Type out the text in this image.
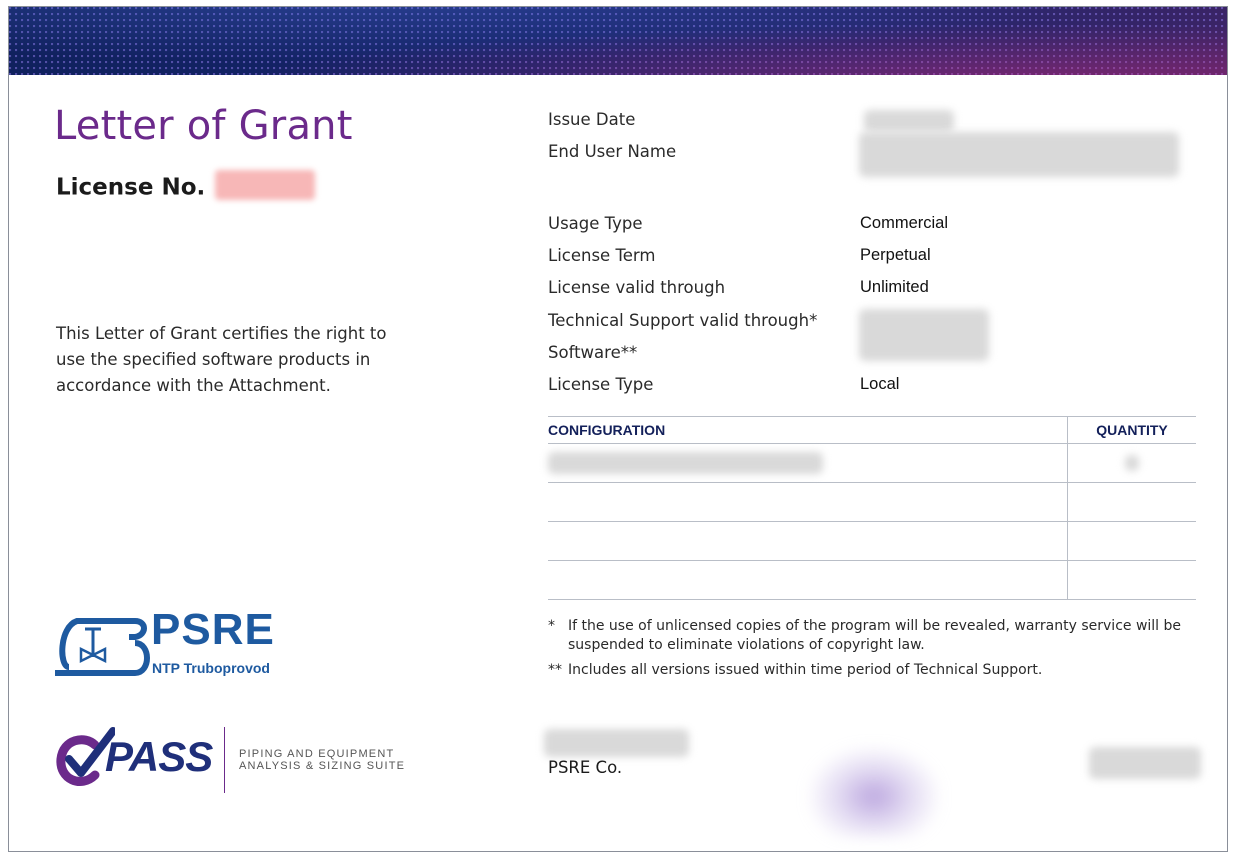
Letter of Grant
License No.
This Letter of Grant certifies the right to use the specified software products in accordance with the Attachment.
Issue Date
End User Name
Usage Type	Commercial
License Term	Perpetual
License valid through	Unlimited
Technical Support valid through*
Software**
License Type	Local
CONFIGURATION	QUANTITY

* If the use of unlicensed copies of the program will be revealed, warranty service will be suspended to eliminate violations of copyright law.
** Includes all versions issued within time period of Technical Support.
PSRE
NTP Truboprovod
PASS PIPING AND EQUIPMENT
ANALYSIS & SIZING SUITE	PSRE Co.
